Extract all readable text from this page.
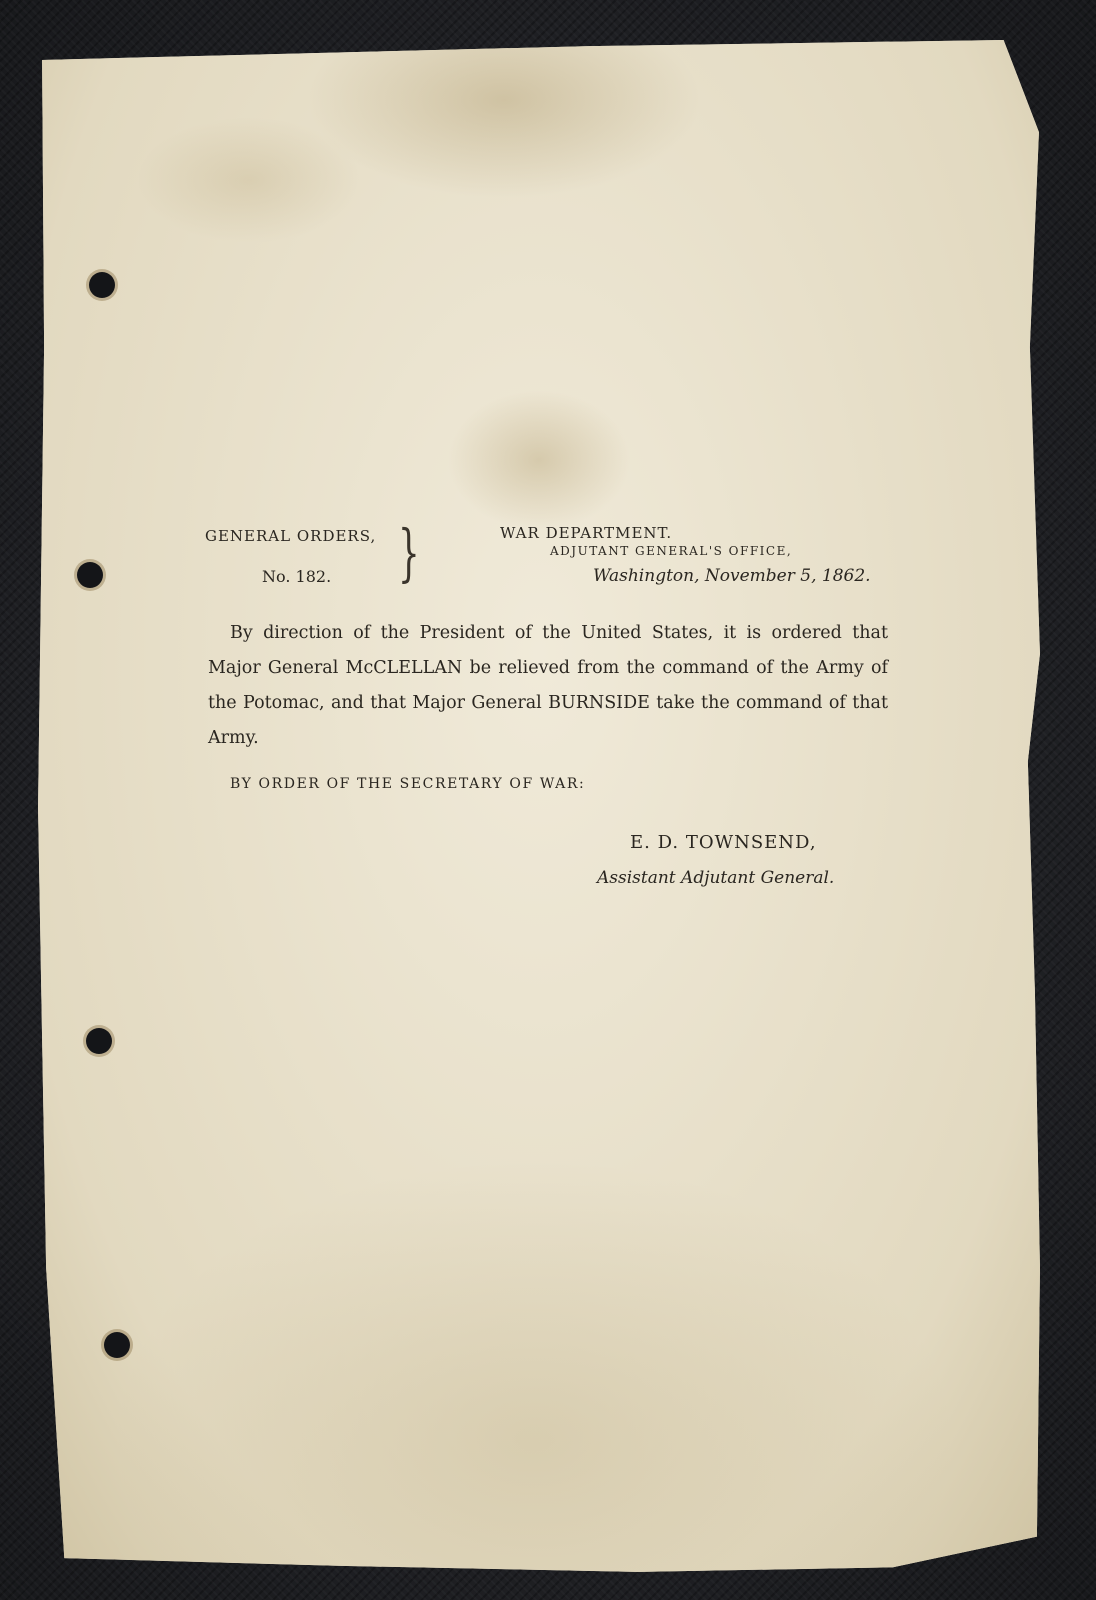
GENERAL ORDERS,
No. 182. }	WAR DEPARTMENT.
ADJUTANT GENERAL'S OFFICE,
Washington, November 5, 1862.

By direction of the President of the United States, it is ordered that Major General McCLELLAN be relieved from the command of the Army of the Potomac, and that Major General BURNSIDE take the command of that Army.

BY ORDER OF THE SECRETARY OF WAR:
E. D. TOWNSEND,
Assistant Adjutant General.
